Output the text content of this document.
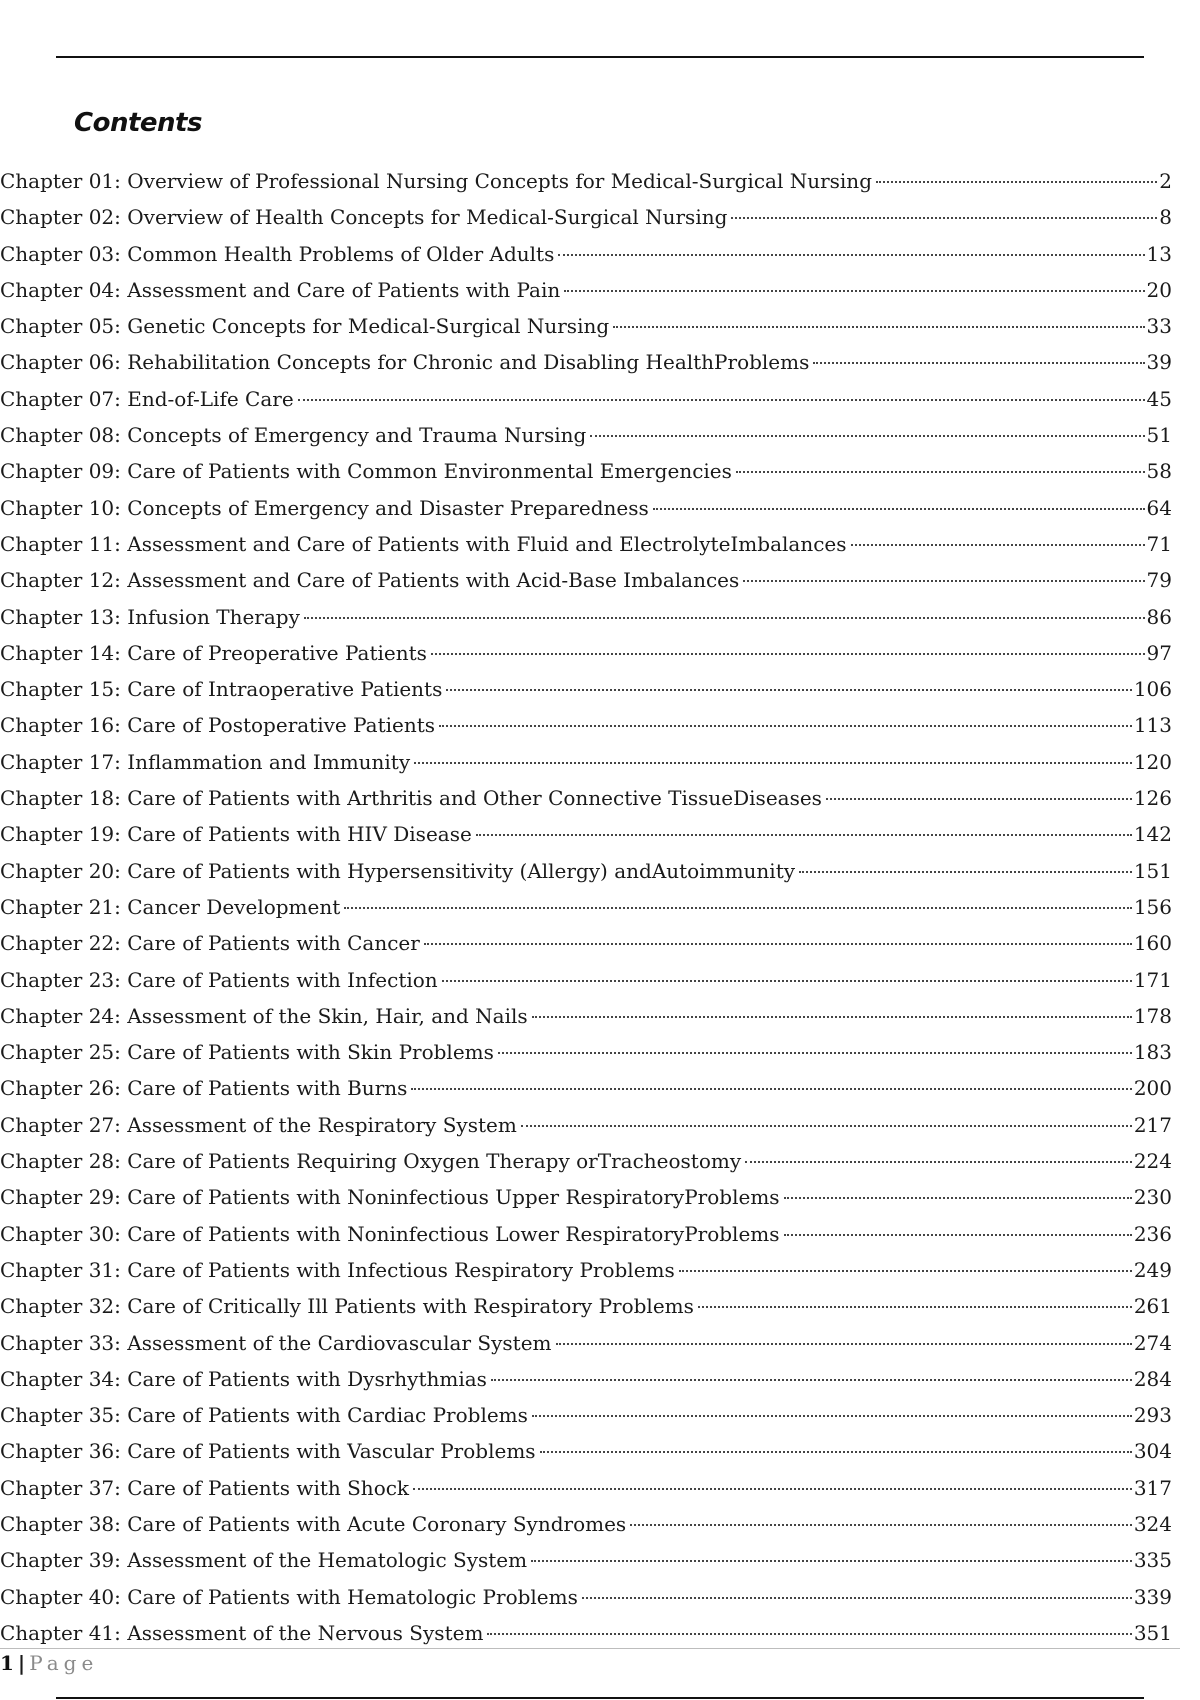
Contents
Chapter 01: Overview of Professional Nursing Concepts for Medical-Surgical Nursing	2
Chapter 02: Overview of Health Concepts for Medical-Surgical Nursing	8
Chapter 03: Common Health Problems of Older Adults	13
Chapter 04: Assessment and Care of Patients with Pain	20
Chapter 05: Genetic Concepts for Medical-Surgical Nursing	33
Chapter 06: Rehabilitation Concepts for Chronic and Disabling HealthProblems	39
Chapter 07: End-of-Life Care	45
Chapter 08: Concepts of Emergency and Trauma Nursing	51
Chapter 09: Care of Patients with Common Environmental Emergencies	58
Chapter 10: Concepts of Emergency and Disaster Preparedness	64
Chapter 11: Assessment and Care of Patients with Fluid and ElectrolyteImbalances	71
Chapter 12: Assessment and Care of Patients with Acid-Base Imbalances	79
Chapter 13: Infusion Therapy	86
Chapter 14: Care of Preoperative Patients	97
Chapter 15: Care of Intraoperative Patients	106
Chapter 16: Care of Postoperative Patients	113
Chapter 17: Inflammation and Immunity	120
Chapter 18: Care of Patients with Arthritis and Other Connective TissueDiseases	126
Chapter 19: Care of Patients with HIV Disease	142
Chapter 20: Care of Patients with Hypersensitivity (Allergy) andAutoimmunity	151
Chapter 21: Cancer Development	156
Chapter 22: Care of Patients with Cancer	160
Chapter 23: Care of Patients with Infection	171
Chapter 24: Assessment of the Skin, Hair, and Nails	178
Chapter 25: Care of Patients with Skin Problems	183
Chapter 26: Care of Patients with Burns	200
Chapter 27: Assessment of the Respiratory System	217
Chapter 28: Care of Patients Requiring Oxygen Therapy orTracheostomy	224
Chapter 29: Care of Patients with Noninfectious Upper RespiratoryProblems	230
Chapter 30: Care of Patients with Noninfectious Lower RespiratoryProblems	236
Chapter 31: Care of Patients with Infectious Respiratory Problems	249
Chapter 32: Care of Critically Ill Patients with Respiratory Problems	261
Chapter 33: Assessment of the Cardiovascular System	274
Chapter 34: Care of Patients with Dysrhythmias	284
Chapter 35: Care of Patients with Cardiac Problems	293
Chapter 36: Care of Patients with Vascular Problems	304
Chapter 37: Care of Patients with Shock	317
Chapter 38: Care of Patients with Acute Coronary Syndromes	324
Chapter 39: Assessment of the Hematologic System	335
Chapter 40: Care of Patients with Hematologic Problems	339
Chapter 41: Assessment of the Nervous System	351
1 | Page
